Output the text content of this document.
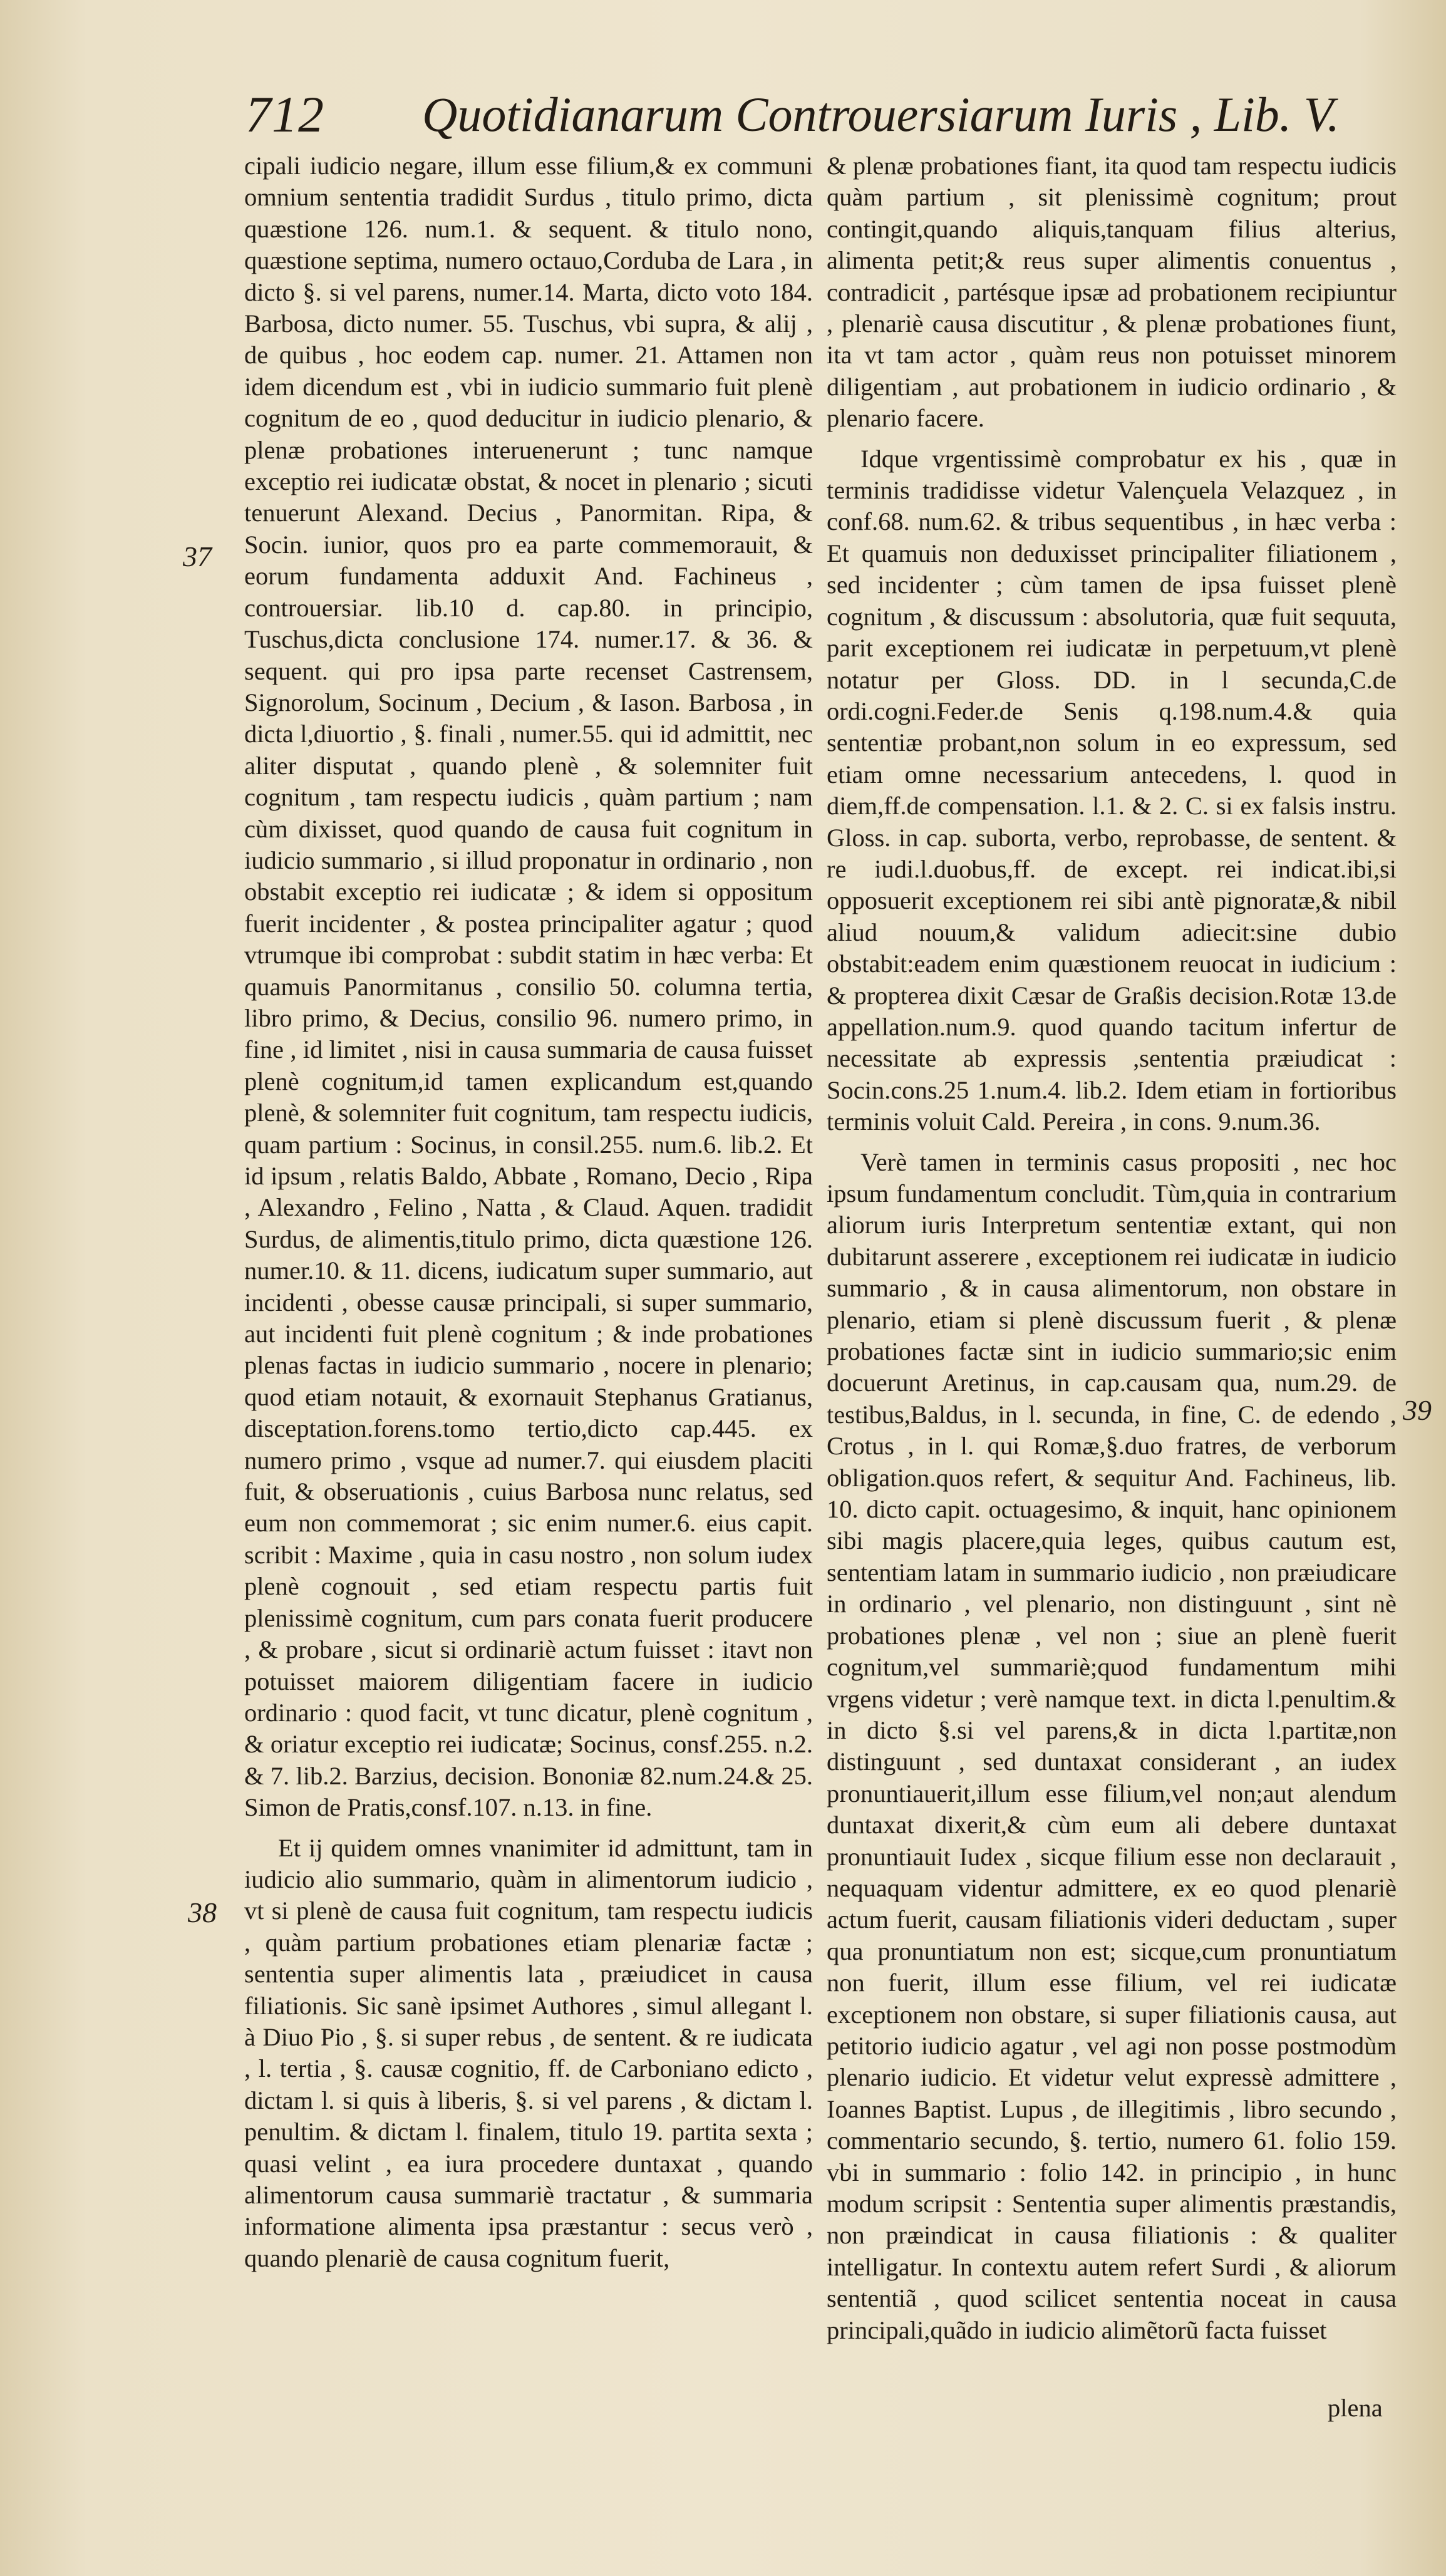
712 Quotidianarum Controuersiarum Iuris , Lib. V.
37
38
39

cipali iudicio negare, illum esse filium,& ex communi omnium sententia tradidit Surdus , titulo primo, dicta quæstione 126. num.1. & sequent. & titulo nono, quæstione septima, numero octauo,Corduba de Lara , in dicto §. si vel parens, numer.14. Marta, dicto voto 184. Barbosa, dicto numer. 55. Tuschus, vbi supra, & alij , de quibus , hoc eodem cap. numer. 21. Attamen non idem dicendum est , vbi in iudicio summario fuit plenè cognitum de eo , quod deducitur in iudicio plenario, & plenæ probationes interuenerunt ; tunc namque exceptio rei iudicatæ obstat, & nocet in plenario ; sicuti tenuerunt Alexand. Decius , Panormitan. Ripa, & Socin. iunior, quos pro ea parte commemorauit, & eorum fundamenta adduxit And. Fachineus , controuersiar. lib.10 d. cap.80. in principio, Tuschus,dicta conclusione 174. numer.17. & 36. & sequent. qui pro ipsa parte recenset Castrensem, Signorolum, Socinum , Decium , & Iason. Barbosa , in dicta l,diuortio , §. finali , numer.55. qui id admittit, nec aliter disputat , quando plenè , & solemniter fuit cognitum , tam respectu iudicis , quàm partium ; nam cùm dixisset, quod quando de causa fuit cognitum in iudicio summario , si illud proponatur in ordinario , non obstabit exceptio rei iudicatæ ; & idem si oppositum fuerit incidenter , & postea principaliter agatur ; quod vtrumque ibi comprobat : subdit statim in hæc verba: Et quamuis Panormitanus , consilio 50. columna tertia, libro primo, & Decius, consilio 96. numero primo, in fine , id limitet , nisi in causa summaria de causa fuisset plenè cognitum,id tamen explicandum est,quando plenè, & solemniter fuit cognitum, tam respectu iudicis, quam partium : Socinus, in consil.255. num.6. lib.2. Et id ipsum , relatis Baldo, Abbate , Romano, Decio , Ripa , Alexandro , Felino , Natta , & Claud. Aquen. tradidit Surdus, de alimentis,titulo primo, dicta quæstione 126. numer.10. & 11. dicens, iudicatum super summario, aut incidenti , obesse causæ principali, si super summario, aut incidenti fuit plenè cognitum ; & inde probationes plenas factas in iudicio summario , nocere in plenario; quod etiam notauit, & exornauit Stephanus Gratianus, disceptation.forens.tomo tertio,dicto cap.445. ex numero primo , vsque ad numer.7. qui eiusdem placiti fuit, & obseruationis , cuius Barbosa nunc relatus, sed eum non commemorat ; sic enim numer.6. eius capit. scribit : Maxime , quia in casu nostro , non solum iudex plenè cognouit , sed etiam respectu partis fuit plenissimè cognitum, cum pars conata fuerit producere , & probare , sicut si ordinariè actum fuisset : itavt non potuisset maiorem diligentiam facere in iudicio ordinario : quod facit, vt tunc dicatur, plenè cognitum , & oriatur exceptio rei iudicatæ; Socinus, consf.255. n.2. & 7. lib.2. Barzius, decision. Bononiæ 82.num.24.& 25. Simon de Pratis,consf.107. n.13. in fine.

Et ij quidem omnes vnanimiter id admittunt, tam in iudicio alio summario, quàm in alimentorum iudicio , vt si plenè de causa fuit cognitum, tam respectu iudicis , quàm partium probationes etiam plenariæ factæ ; sententia super alimentis lata , præiudicet in causa filiationis. Sic sanè ipsimet Authores , simul allegant l. à Diuo Pio , §. si super rebus , de sentent. & re iudicata , l. tertia , §. causæ cognitio, ff. de Carboniano edicto , dictam l. si quis à liberis, §. si vel parens , & dictam l. penultim. & dictam l. finalem, titulo 19. partita sexta ; quasi velint , ea iura procedere duntaxat , quando alimentorum causa summariè tractatur , & summaria informatione alimenta ipsa præstantur : secus verò , quando plenariè de causa cognitum fuerit,

& plenæ probationes fiant, ita quod tam respectu iudicis quàm partium , sit plenissimè cognitum; prout contingit,quando aliquis,tanquam filius alterius, alimenta petit;& reus super alimentis conuentus , contradicit , partésque ipsæ ad probationem recipiuntur , plenariè causa discutitur , & plenæ probationes fiunt, ita vt tam actor , quàm reus non potuisset minorem diligentiam , aut probationem in iudicio ordinario , & plenario facere.

Idque vrgentissimè comprobatur ex his , quæ in terminis tradidisse videtur Valençuela Velazquez , in conf.68. num.62. & tribus sequentibus , in hæc verba : Et quamuis non deduxisset principaliter filiationem , sed incidenter ; cùm tamen de ipsa fuisset plenè cognitum , & discussum : absolutoria, quæ fuit sequuta, parit exceptionem rei iudicatæ in perpetuum,vt plenè notatur per Gloss. DD. in l secunda,C.de ordi.cogni.Feder.de Senis q.198.num.4.& quia sententiæ probant,non solum in eo expressum, sed etiam omne necessarium antecedens, l. quod in diem,ff.de compensation. l.1. & 2. C. si ex falsis instru. Gloss. in cap. suborta, verbo, reprobasse, de sentent. & re iudi.l.duobus,ff. de except. rei indicat.ibi,si opposuerit exceptionem rei sibi antè pignoratæ,& nibil aliud nouum,& validum adiecit:sine dubio obstabit:eadem enim quæstionem reuocat in iudicium : & propterea dixit Cæsar de Graßis decision.Rotæ 13.de appellation.num.9. quod quando tacitum infertur de necessitate ab expressis ,sententia præiudicat : Socin.cons.25 1.num.4. lib.2. Idem etiam in fortioribus terminis voluit Cald. Pereira , in cons. 9.num.36.

Verè tamen in terminis casus propositi , nec hoc ipsum fundamentum concludit. Tùm,quia in contrarium aliorum iuris Interpretum sententiæ extant, qui non dubitarunt asserere , exceptionem rei iudicatæ in iudicio summario , & in causa alimentorum, non obstare in plenario, etiam si plenè discussum fuerit , & plenæ probationes factæ sint in iudicio summario;sic enim docuerunt Aretinus, in cap.causam qua, num.29. de testibus,Baldus, in l. secunda, in fine, C. de edendo , Crotus , in l. qui Romæ,§.duo fratres, de verborum obligation.quos refert, & sequitur And. Fachineus, lib. 10. dicto capit. octuagesimo, & inquit, hanc opinionem sibi magis placere,quia leges, quibus cautum est, sententiam latam in summario iudicio , non præiudicare in ordinario , vel plenario, non distinguunt , sint nè probationes plenæ , vel non ; siue an plenè fuerit cognitum,vel summariè;quod fundamentum mihi vrgens videtur ; verè namque text. in dicta l.penultim.& in dicto §.si vel parens,& in dicta l.partitæ,non distinguunt , sed duntaxat considerant , an iudex pronuntiauerit,illum esse filium,vel non;aut alendum duntaxat dixerit,& cùm eum ali debere duntaxat pronuntiauit Iudex , sicque filium esse non declarauit , nequaquam videntur admittere, ex eo quod plenariè actum fuerit, causam filiationis videri deductam , super qua pronuntiatum non est; sicque,cum pronuntiatum non fuerit, illum esse filium, vel rei iudicatæ exceptionem non obstare, si super filiationis causa, aut petitorio iudicio agatur , vel agi non posse postmodùm plenario iudicio. Et videtur velut expressè admittere , Ioannes Baptist. Lupus , de illegitimis , libro secundo , commentario secundo, §. tertio, numero 61. folio 159. vbi in summario : folio 142. in principio , in hunc modum scripsit : Sententia super alimentis præstandis, non præindicat in causa filiationis : & qualiter intelligatur. In contextu autem refert Surdi , & aliorum sententiã , quod scilicet sententia noceat in causa principali,quãdo in iudicio alimẽtorũ facta fuisset

plena
